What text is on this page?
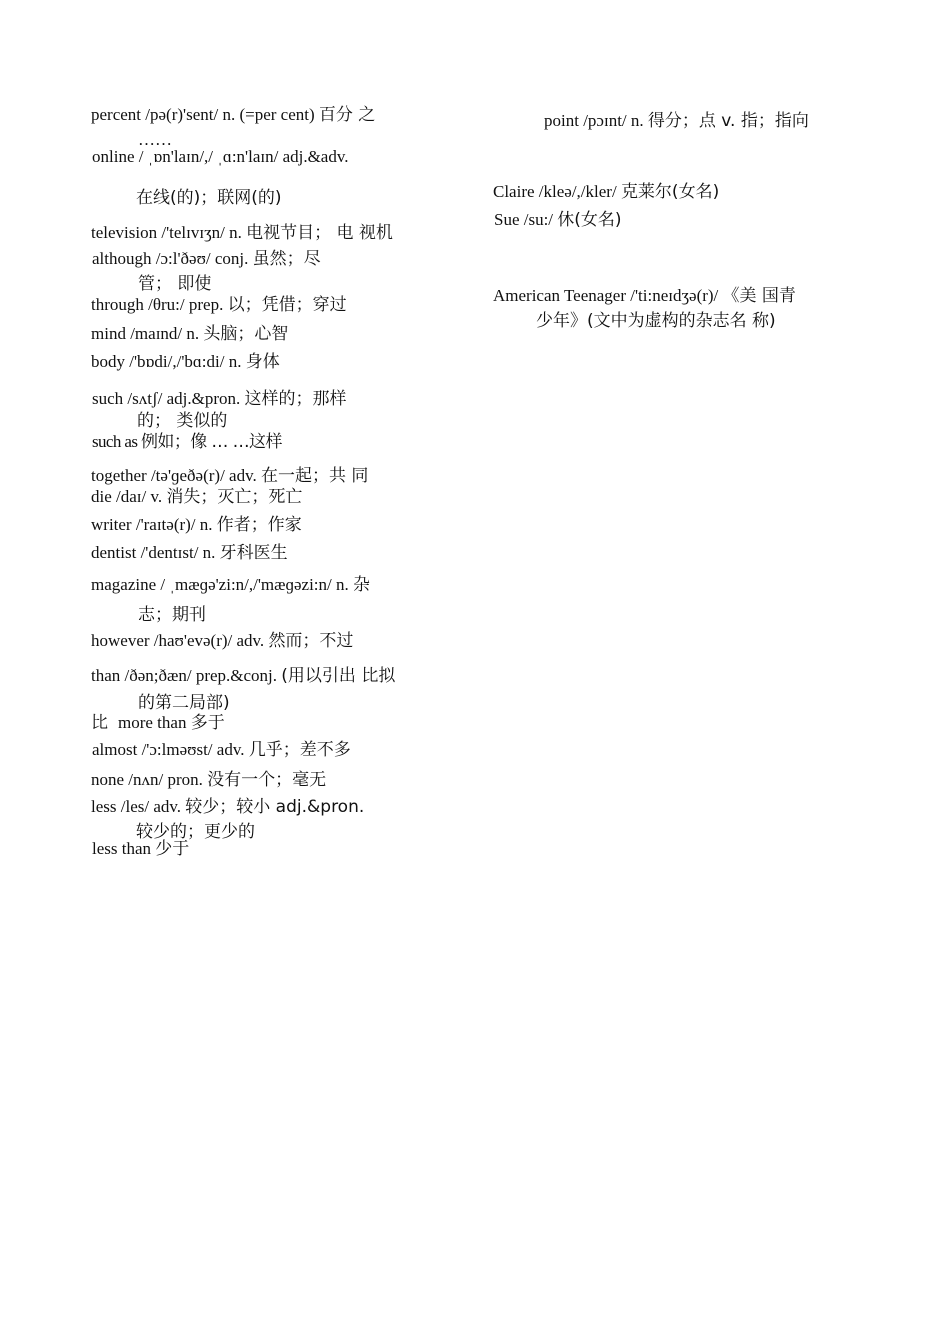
percent /pə(r)'sent/ n. (=per cent) 百分 之
……
online / ˌɒn'laɪn/,/ ˌɑ:n'laɪn/ adj.&adv.
在线(的)；联网(的)
television /'telɪvɪʒn/ n. 电视节目； 电 视机
although /ɔ:l'ðəʊ/ conj. 虽然；尽
管； 即使
through /θru:/ prep. 以；凭借；穿过
mind /maɪnd/ n. 头脑；心智
body /'bɒdi/,/'bɑ:di/ n. 身体
such /sʌtʃ/ adj.&pron. 这样的；那样
的； 类似的
such as 例如；像 … …这样
together /tə'ɡeðə(r)/ adv. 在一起；共 同
die /daɪ/ v. 消失；灭亡；死亡
writer /'raɪtə(r)/ n. 作者；作家
dentist /'dentɪst/ n. 牙科医生
magazine / ˌmæɡə'zi:n/,/'mæɡəzi:n/ n. 杂
志；期刊
however /haʊ'evə(r)/ adv. 然而；不过
than /ðən;ðæn/ prep.&conj. (用以引出 比拟
的第二局部)
比 more than 多于
almost /'ɔ:lməʊst/ adv. 几乎；差不多
none /nʌn/ pron. 没有一个；毫无
less /les/ adv. 较少；较小 adj.&pron.
较少的；更少的
less than 少于
point /pɔɪnt/ n. 得分；点 v. 指；指向
Claire /kleə/,/kler/ 克莱尔(女名)
Sue /su:/ 休(女名)
American Teenager /'ti:neɪdʒə(r)/ 《美 国青
少年》(文中为虚构的杂志名 称)
